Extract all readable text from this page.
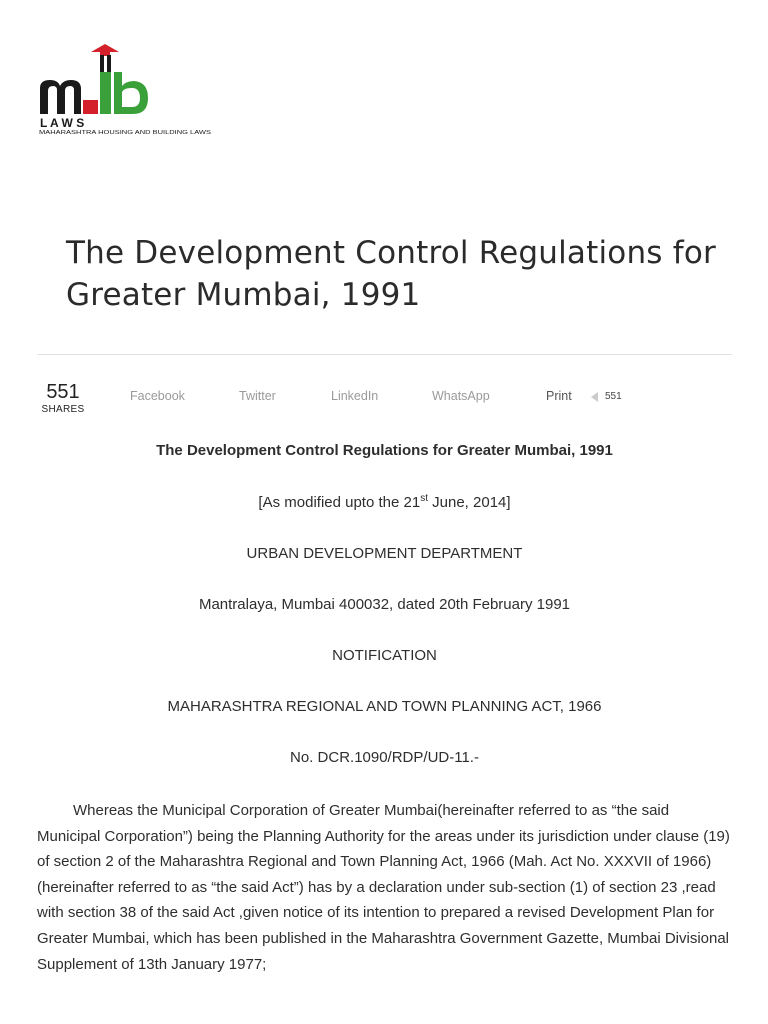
L A W S
MAHARASHTRA HOUSING AND BUILDING LAWS
The Development Control Regulations for Greater Mumbai, 1991
551
SHARES
Facebook	Twitter	LinkedIn	WhatsApp	Print	551
The Development Control Regulations for Greater Mumbai, 1991
[As modified upto the 21st June, 2014]
URBAN DEVELOPMENT DEPARTMENT
Mantralaya, Mumbai 400032, dated 20th February 1991
NOTIFICATION
MAHARASHTRA REGIONAL AND TOWN PLANNING ACT, 1966
No. DCR.1090/RDP/UD-11.-

Whereas the Municipal Corporation of Greater Mumbai(hereinafter referred to as “the said Municipal Corporation”) being the Planning Authority for the areas under its jurisdiction under clause (19) of section 2 of the Maharashtra Regional and Town Planning Act, 1966 (Mah. Act No. XXXVII of 1966) (hereinafter referred to as “the said Act”) has by a declaration under sub-section (1) of section 23 ,read with section 38 of the said Act ,given notice of its intention to prepared a revised Development Plan for Greater Mumbai, which has been published in the Maharashtra Government Gazette, Mumbai Divisional Supplement of 13th January 1977;
